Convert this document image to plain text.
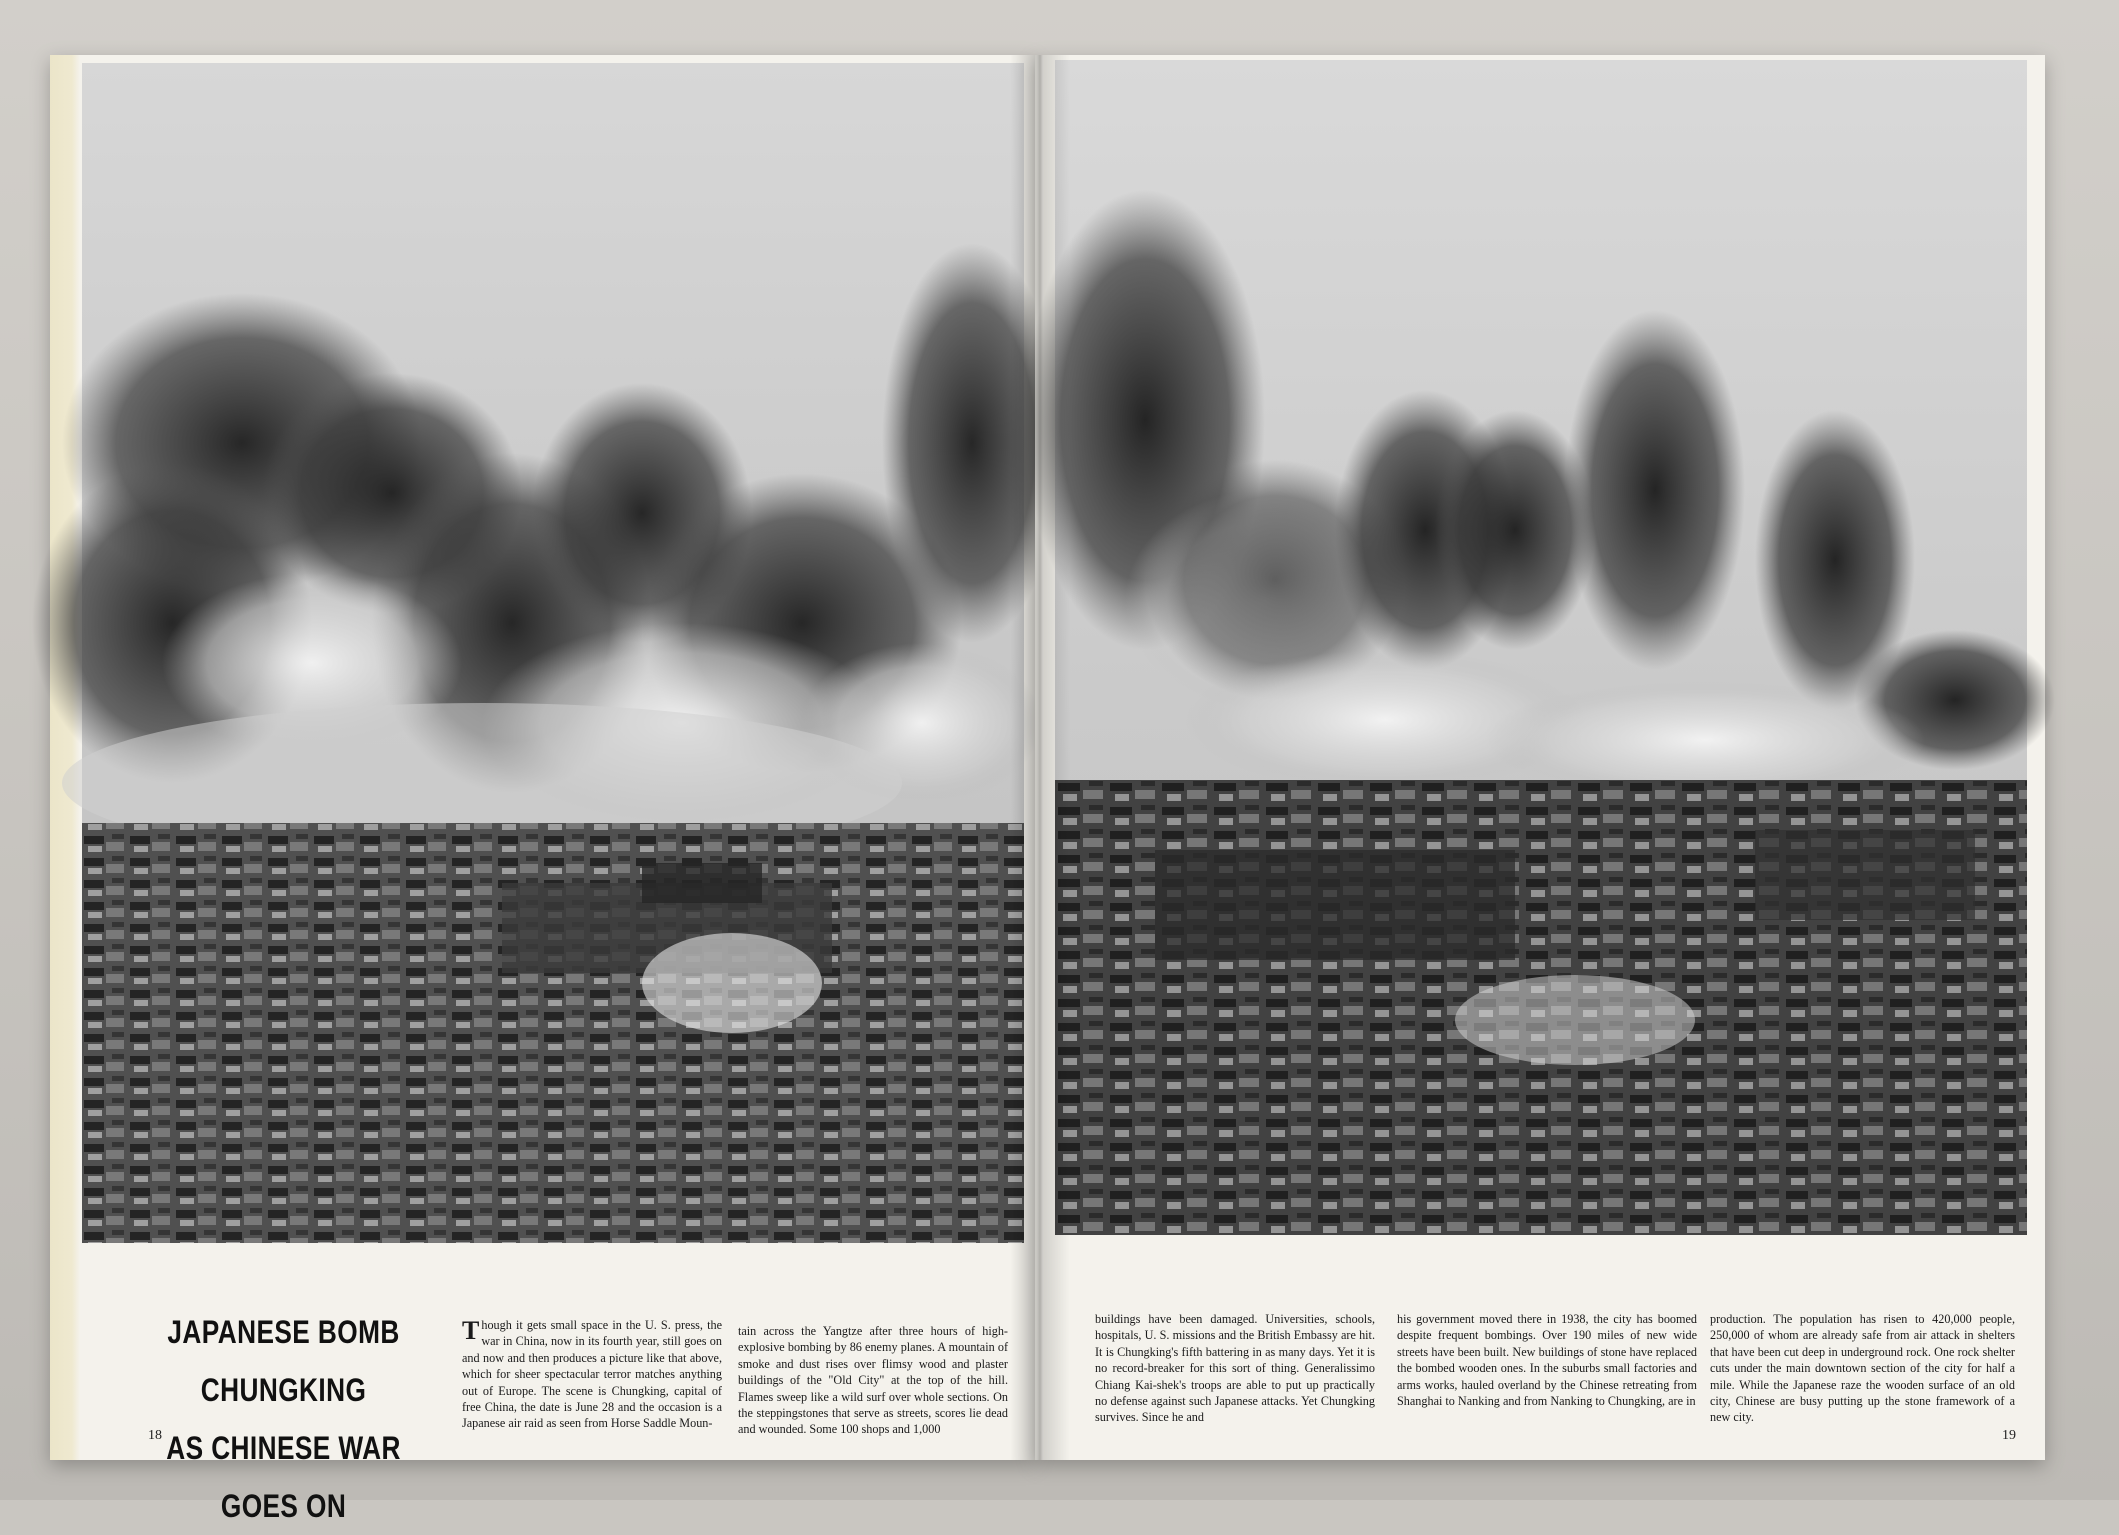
JAPANESE BOMB CHUNGKING
AS CHINESE WAR GOES ON
Though it gets small space in the U. S. press, the war in China, now in its fourth year, still goes on and now and then produces a picture like that above, which for sheer spectacular terror matches anything out of Europe. The scene is Chungking, capital of free China, the date is June 28 and the occasion is a Japanese air raid as seen from Horse Saddle Moun-
tain across the Yangtze after three hours of high-explosive bombing by 86 enemy planes. A mountain of smoke and dust rises over flimsy wood and plaster buildings of the "Old City" at the top of the hill. Flames sweep like a wild surf over whole sections. On the steppingstones that serve as streets, scores lie dead and wounded. Some 100 shops and 1,000
18
buildings have been damaged. Universities, schools, hospitals, U. S. missions and the British Embassy are hit. It is Chungking's fifth battering in as many days. Yet it is no record-breaker for this sort of thing. Generalissimo Chiang Kai-shek's troops are able to put up practically no defense against such Japanese attacks. Yet Chungking survives. Since he and
his government moved there in 1938, the city has boomed despite frequent bombings. Over 190 miles of new wide streets have been built. New buildings of stone have replaced the bombed wooden ones. In the suburbs small factories and arms works, hauled overland by the Chinese retreating from Shanghai to Nanking and from Nanking to Chungking, are in
production. The population has risen to 420,000 people, 250,000 of whom are already safe from air attack in shelters that have been cut deep in underground rock. One rock shelter cuts under the main downtown section of the city for half a mile. While the Japanese raze the wooden surface of an old city, Chinese are busy putting up the stone framework of a new city.
19
